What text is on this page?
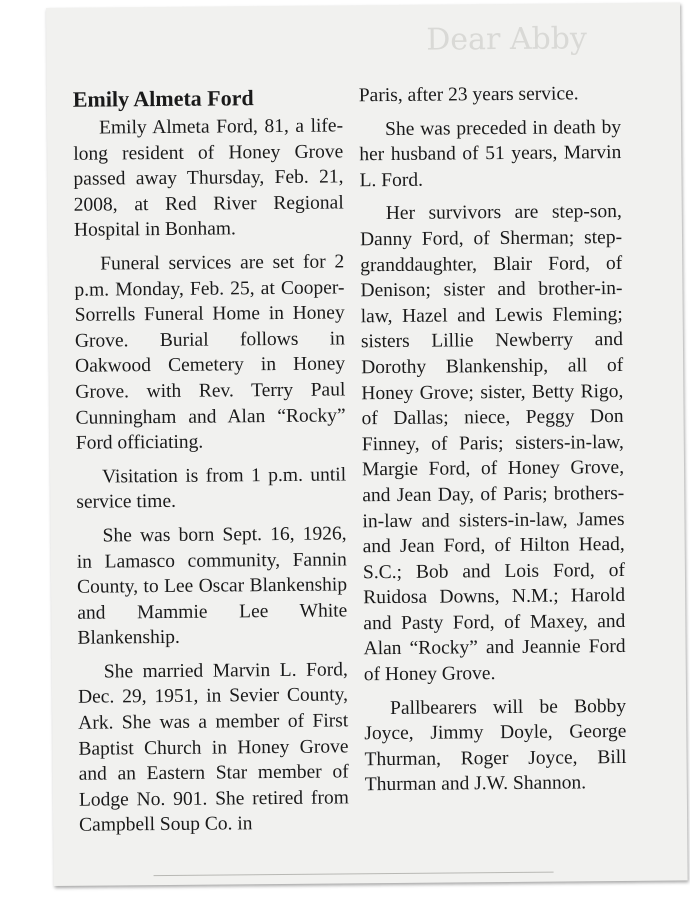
Dear Abby
Emily Almeta Ford

Emily Almeta Ford, 81, a life-long resident of Honey Grove passed away Thursday, Feb. 21, 2008, at Red River Regional Hospital in Bonham.

Funeral services are set for 2 p.m. Monday, Feb. 25, at Cooper-Sorrells Funeral Home in Honey Grove. Burial follows in Oakwood Cemetery in Honey Grove. with Rev. Terry Paul Cunningham and Alan “Rocky” Ford officiating.

Visitation is from 1 p.m. until service time.

She was born Sept. 16, 1926, in Lamasco community, Fannin County, to Lee Oscar Blankenship and Mammie Lee White Blankenship.

She married Marvin L. Ford, Dec. 29, 1951, in Sevier County, Ark. She was a member of First Baptist Church in Honey Grove and an Eastern Star member of Lodge No. 901. She retired from Campbell Soup Co. in

Paris, after 23 years service.

She was preceded in death by her husband of 51 years, Marvin L. Ford.

Her survivors are step-son, Danny Ford, of Sherman; step-granddaughter, Blair Ford, of Denison; sister and brother-in-law, Hazel and Lewis Fleming; sisters Lillie Newberry and Dorothy Blankenship, all of Honey Grove; sister, Betty Rigo, of Dallas; niece, Peggy Don Finney, of Paris; sisters-in-law, Margie Ford, of Honey Grove, and Jean Day, of Paris; brothers-in-law and sisters-in-law, James and Jean Ford, of Hilton Head, S.C.; Bob and Lois Ford, of Ruidosa Downs, N.M.; Harold and Pasty Ford, of Maxey, and Alan “Rocky” and Jeannie Ford of Honey Grove.

Pallbearers will be Bobby Joyce, Jimmy Doyle, George Thurman, Roger Joyce, Bill Thurman and J.W. Shannon.
